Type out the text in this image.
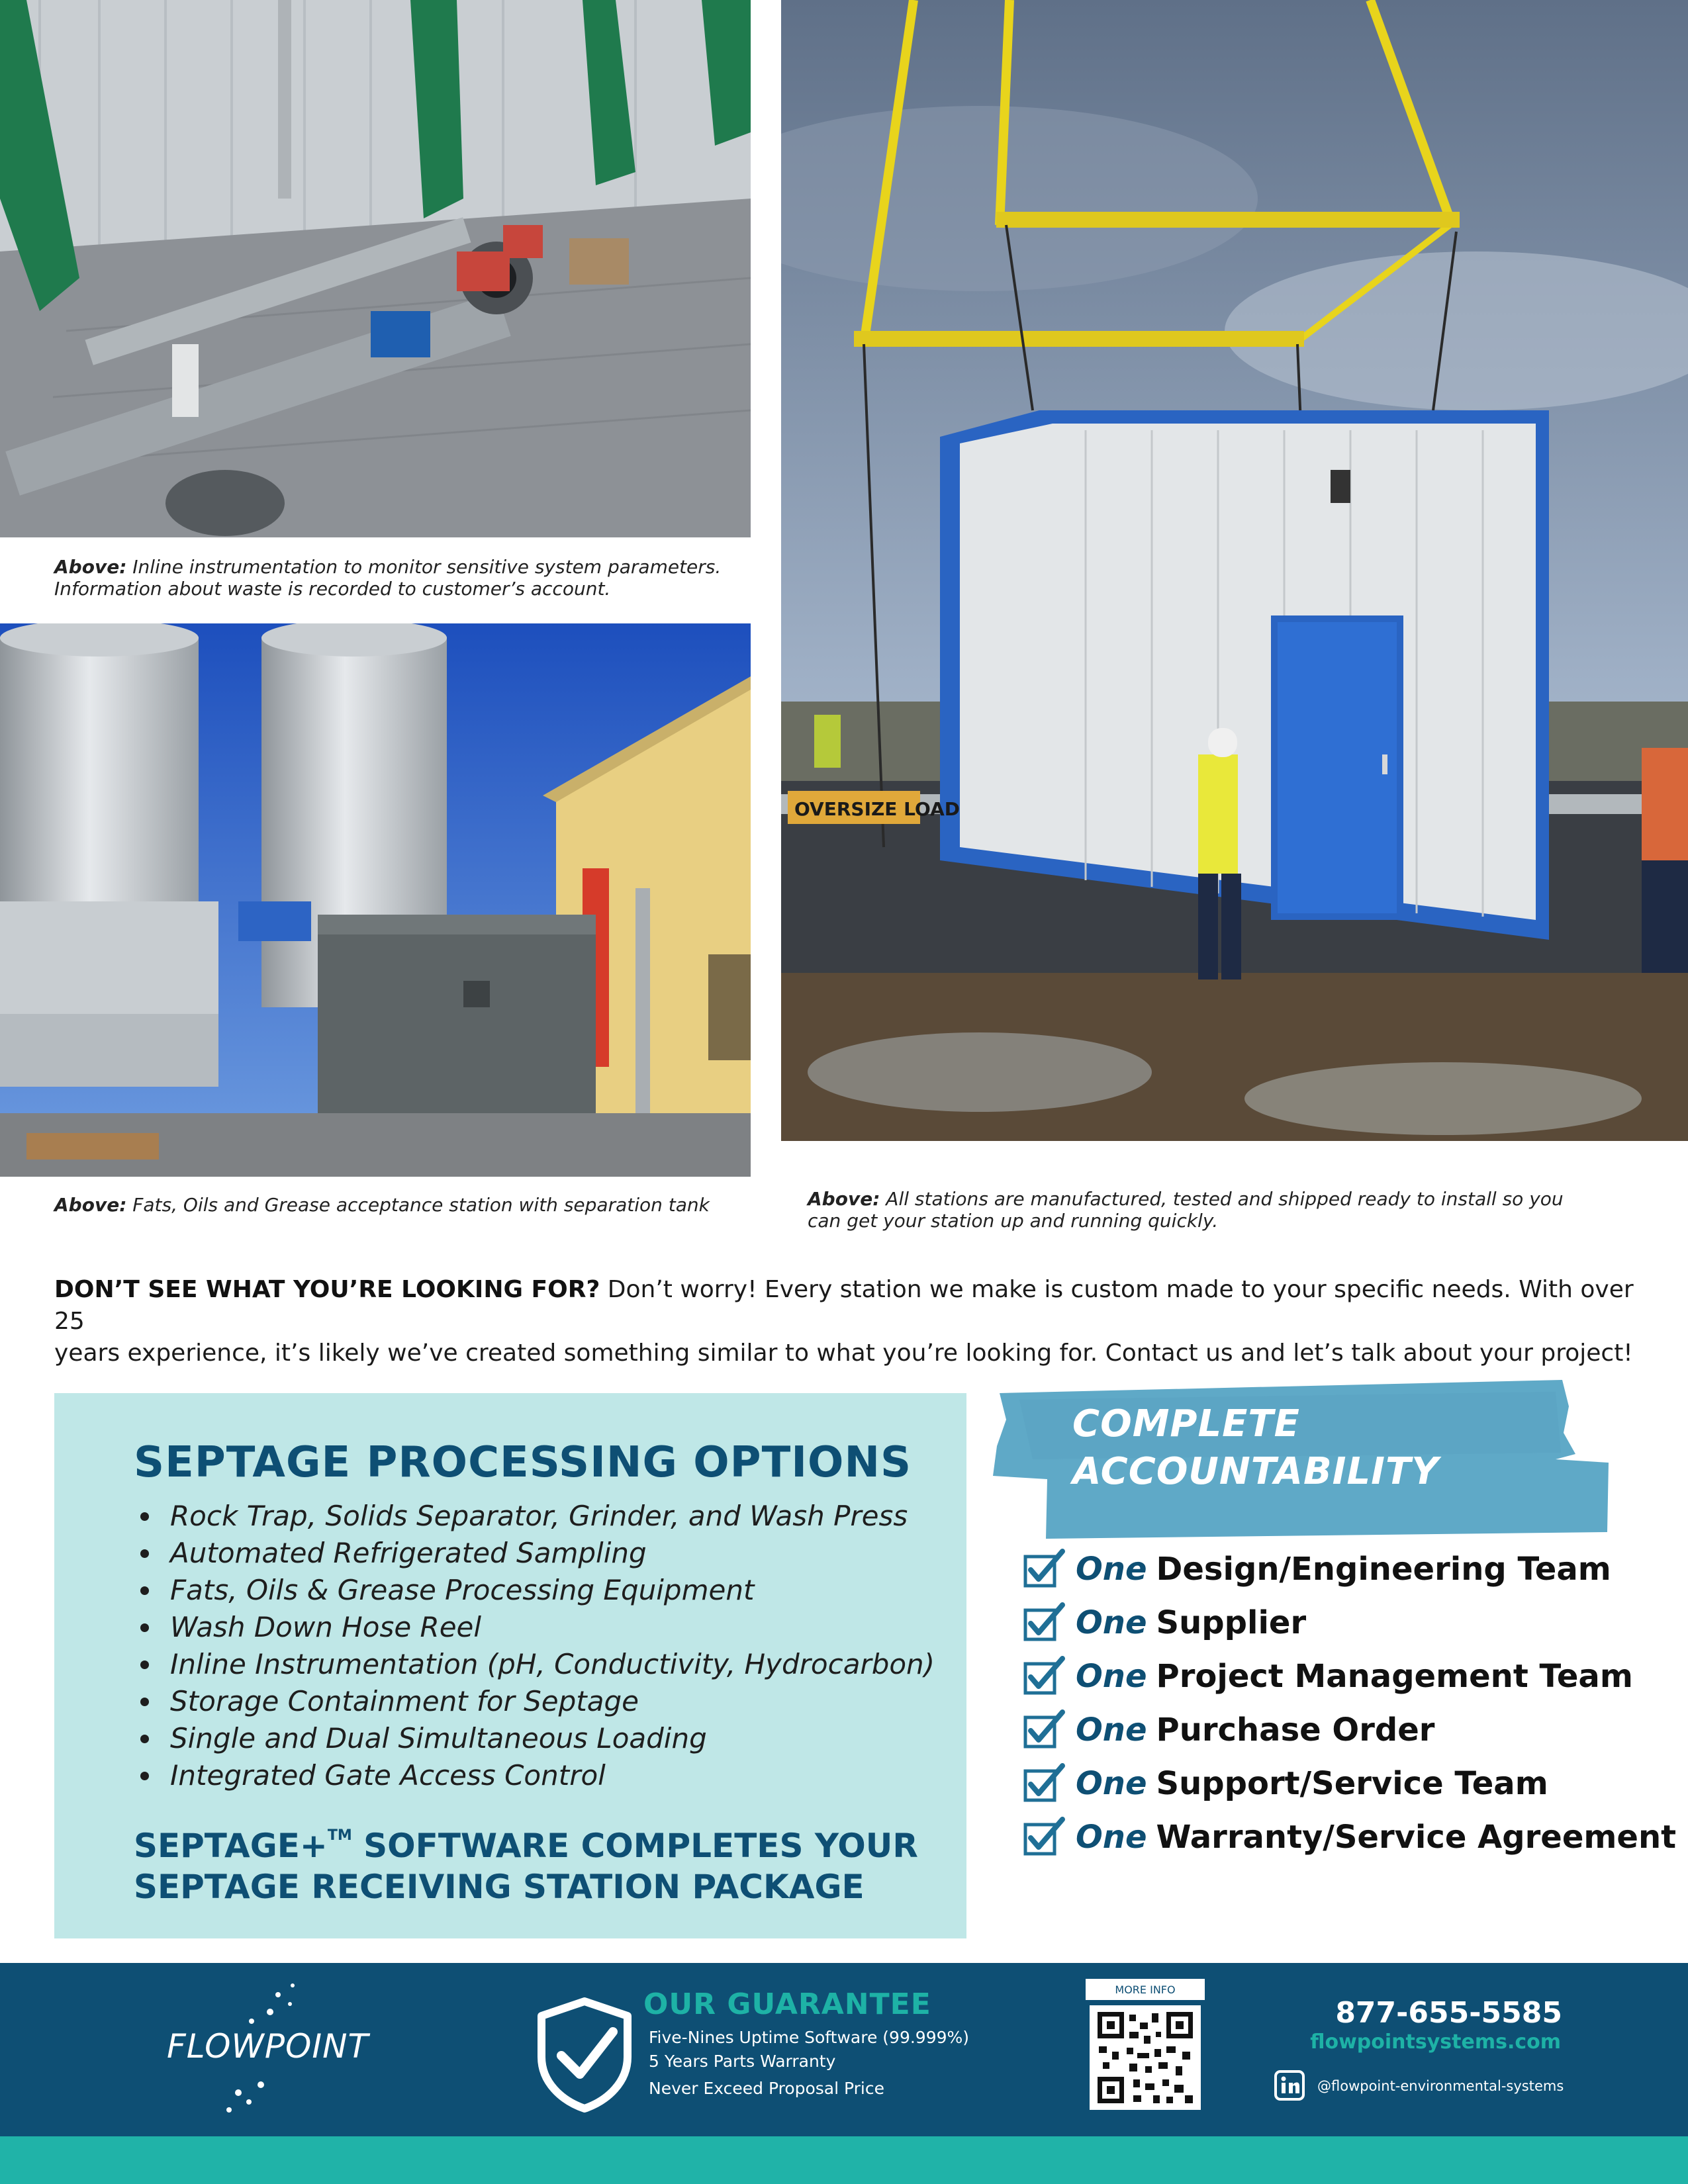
Above: Inline instrumentation to monitor sensitive system parameters.
Information about waste is recorded to customer’s account.
Above: Fats, Oils and Grease acceptance station with separation tank
OVERSIZE LOAD
Above: All stations are manufactured, tested and shipped ready to install so you
can get your station up and running quickly.
DON’T SEE WHAT YOU’RE LOOKING FOR? Don’t worry! Every station we make is custom made to your specific needs. With over 25
years experience, it’s likely we’ve created something similar to what you’re looking for. Contact us and let’s talk about your project!
SEPTAGE PROCESSING OPTIONS
Rock Trap, Solids Separator, Grinder, and Wash Press
Automated Refrigerated Sampling
Fats, Oils & Grease Processing Equipment
Wash Down Hose Reel
Inline Instrumentation (pH, Conductivity, Hydrocarbon)
Storage Containment for Septage
Single and Dual Simultaneous Loading
Integrated Gate Access Control
SEPTAGE+™ SOFTWARE COMPLETES YOUR
SEPTAGE RECEIVING STATION PACKAGE
COMPLETE
ACCOUNTABILITY
One Design/Engineering Team
One Supplier
One Project Management Team
One Purchase Order
One Support/Service Team
One Warranty/Service Agreement
FLOWPOINT
OUR GUARANTEE
Five-Nines Uptime Software (99.999%)
5 Years Parts Warranty
Never Exceed Proposal Price
MORE INFO
877-655-5585
flowpointsystems.com
@flowpoint-environmental-systems
